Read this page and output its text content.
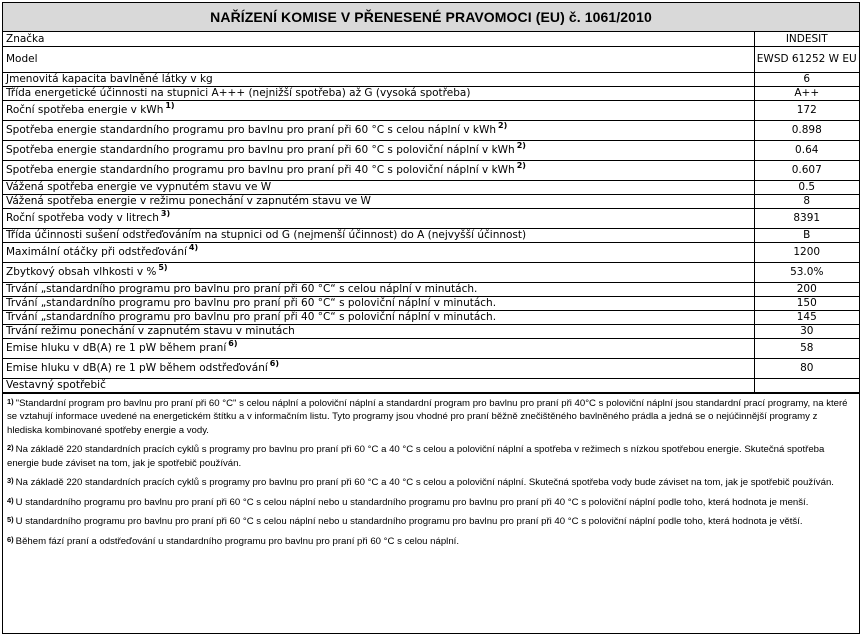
NAŘÍZENÍ KOMISE V PŘENESENÉ PRAVOMOCI (EU) č. 1061/2010
Značka	INDESIT
Model	EWSD 61252 W EU
Jmenovitá kapacita bavlněné látky v kg	6
Třída energetické účinnosti na stupnici A+++ (nejnižší spotřeba) až G (vysoká spotřeba)	A++
Roční spotřeba energie v kWh $^{1)}$	172
Spotřeba energie standardního programu pro bavlnu pro praní při 60 °C s celou náplní v kWh $^{2)}$	0.898
Spotřeba energie standardního programu pro bavlnu pro praní při 60 °C s poloviční náplní v kWh $^{2)}$	0.64
Spotřeba energie standardního programu pro bavlnu pro praní při 40 °C s poloviční náplní v kWh $^{2)}$	0.607
Vážená spotřeba energie ve vypnutém stavu ve W	0.5
Vážená spotřeba energie v režimu ponechání v zapnutém stavu ve W	8
Roční spotřeba vody v litrech $^{3)}$	8391
Třída účinnosti sušení odstřeďováním na stupnici od G (nejmenší účinnost) do A (nejvyšší účinnost)	B
Maximální otáčky při odstřeďování $^{4)}$	1200
Zbytkový obsah vlhkosti v % $^{5)}$	53.0%
Trvání „standardního programu pro bavlnu pro praní při 60 °C“ s celou náplní v minutách.	200
Trvání „standardního programu pro bavlnu pro praní při 60 °C“ s poloviční náplní v minutách.	150
Trvání „standardního programu pro bavlnu pro praní při 40 °C“ s poloviční náplní v minutách.	145
Trvání režimu ponechání v zapnutém stavu v minutách	30
Emise hluku v dB(A) re 1 pW během praní $^{6)}$	58
Emise hluku v dB(A) re 1 pW během odstřeďování $^{6)}$	80
Vestavný spotřebič	
$^{1)}$ "Standardní program pro bavlnu pro praní při 60 °C" s celou náplní a poloviční náplní a standardní program pro bavlnu pro praní při 40°C s poloviční náplní jsou standardní prací programy, na které se vztahují informace uvedené na energetickém štítku a v informačním listu. Tyto programy jsou vhodné pro praní běžně znečištěného bavlněného prádla a jedná se o nejúčinnější programy z hlediska kombinované spotřeby energie a vody.
$^{2)}$ Na základě 220 standardních pracích cyklů s programy pro bavlnu pro praní při 60 °C a 40 °C s celou a poloviční náplní a spotřeba v režimech s nízkou spotřebou energie. Skutečná spotřeba energie bude záviset na tom, jak je spotřebič používán.
$^{3)}$ Na základě 220 standardních pracích cyklů s programy pro bavlnu pro praní při 60 °C a 40 °C s celou a poloviční náplní. Skutečná spotřeba vody bude záviset na tom, jak je spotřebič používán.
$^{4)}$ U standardního programu pro bavlnu pro praní při 60 °C s celou náplní nebo u standardního programu pro bavlnu pro praní při 40 °C s poloviční náplní podle toho, která hodnota je menší.
$^{5)}$ U standardního programu pro bavlnu pro praní při 60 °C s celou náplní nebo u standardního programu pro bavlnu pro praní při 40 °C s poloviční náplní podle toho, která hodnota je větší.
$^{6)}$ Během fází praní a odstřeďování u standardního programu pro bavlnu pro praní při 60 °C s celou náplní.
